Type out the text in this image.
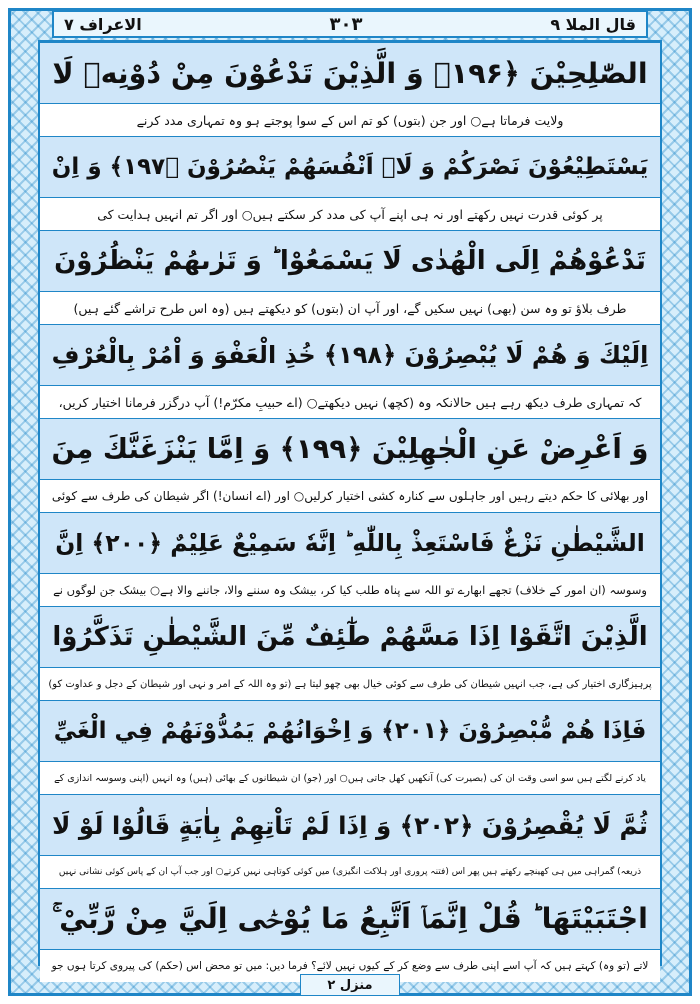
الاعراف ۷	۳۰۳	قال الملا ۹
الصّٰلِحِيْنَ ﴿۱۹۶﴾ وَ الَّذِيْنَ تَدْعُوْنَ مِنْ دُوْنِهٖ لَا
ولایت فرماتا ہے○ اور جن (بتوں) کو تم اس کے سوا پوجتے ہو وہ تمہاری مدد کرنے
يَسْتَطِيْعُوْنَ نَصْرَكُمْ وَ لَاۤ اَنْفُسَهُمْ يَنْصُرُوْنَ ﴿۱۹۷﴾ وَ اِنْ
پر کوئی قدرت نہیں رکھتے اور نہ ہی اپنے آپ کی مدد کر سکتے ہیں○ اور اگر تم انہیں ہدایت کی
تَدْعُوْهُمْ اِلَى الْهُدٰى لَا يَسْمَعُوْا ؕ وَ تَرٰىهُمْ يَنْظُرُوْنَ
طرف بلاؤ تو وہ سن (بھی) نہیں سکیں گے، اور آپ ان (بتوں) کو دیکھتے ہیں (وہ اس طرح تراشے گئے ہیں)
اِلَيْكَ وَ هُمْ لَا يُبْصِرُوْنَ ﴿۱۹۸﴾ خُذِ الْعَفْوَ وَ اْمُرْ بِالْعُرْفِ
کہ تمہاری طرف دیکھ رہے ہیں حالانکہ وہ (کچھ) نہیں دیکھتے○ (اے حبیبِ مکرّم!) آپ درگزر فرمانا اختیار کریں،
وَ اَعْرِضْ عَنِ الْجٰهِلِيْنَ ﴿۱۹۹﴾ وَ اِمَّا يَنْزَغَنَّكَ مِنَ
اور بھلائی کا حکم دیتے رہیں اور جاہلوں سے کنارہ کشی اختیار کرلیں○ اور (اے انسان!) اگر شیطان کی طرف سے کوئی
الشَّيْطٰنِ نَزْغٌ فَاسْتَعِذْ بِاللّٰهِ ؕ اِنَّهٗ سَمِيْعٌ عَلِيْمٌ ﴿۲۰۰﴾ اِنَّ
وسوسہ (ان امور کے خلاف) تجھے ابھارے تو اللہ سے پناہ طلب کیا کر، بیشک وہ سننے والا، جاننے والا ہے○ بیشک جن لوگوں نے
الَّذِيْنَ اتَّقَوْا اِذَا مَسَّهُمْ طٰٓئِفٌ مِّنَ الشَّيْطٰنِ تَذَكَّرُوْا
پرہیزگاری اختیار کی ہے، جب انہیں شیطان کی طرف سے کوئی خیال بھی چھو لیتا ہے (تو وہ اللہ کے امر و نہی اور شیطان کے دجل و عداوت کو)
فَاِذَا هُمْ مُّبْصِرُوْنَ ﴿۲۰۱﴾ وَ اِخْوَانُهُمْ يَمُدُّوْنَهُمْ فِي الْغَيِّ
یاد کرنے لگتے ہیں سو اسی وقت ان کی (بصیرت کی) آنکھیں کھل جاتی ہیں○ اور (جو) ان شیطانوں کے بھائی (ہیں) وہ انہیں (اپنی وسوسہ اندازی کے
ثُمَّ لَا يُقْصِرُوْنَ ﴿۲۰۲﴾ وَ اِذَا لَمْ تَاْتِهِمْ بِاٰيَةٍ قَالُوْا لَوْ لَا
ذریعہ) گمراہی میں ہی کھینچے رکھتے ہیں پھر اس (فتنہ پروری اور ہلاکت انگیزی) میں کوئی کوتاہی نہیں کرتے○ اور جب آپ ان کے پاس کوئی نشانی نہیں
اجْتَبَيْتَهَا ؕ قُلْ اِنَّمَاۤ اَتَّبِعُ مَا يُوْحٰۤى اِلَيَّ مِنْ رَّبِّيْ ۚ
لاتے (تو وہ) کہتے ہیں کہ آپ اسے اپنی طرف سے وضع کر کے کیوں نہیں لائے؟ فرما دیں: میں تو محض اس (حکم) کی پیروی کرتا ہوں جو
منزل ۲
